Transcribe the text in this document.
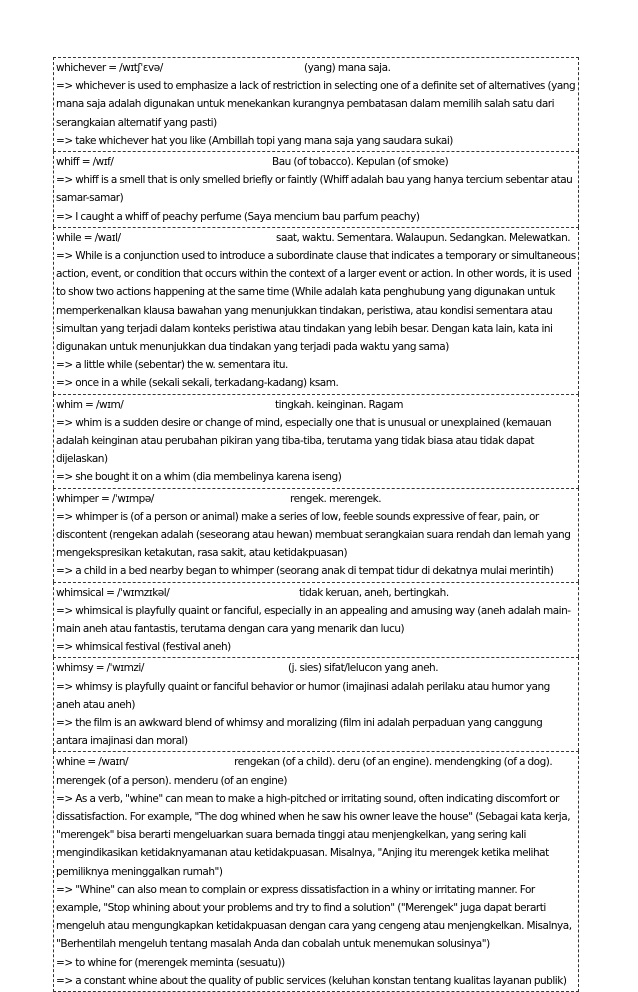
whichever = /wɪtʃˈɛvə/	(yang) mana saja.

=> whichever is used to emphasize a lack of restriction in selecting one of a definite set of alternatives (yang mana saja adalah digunakan untuk menekankan kurangnya pembatasan dalam memilih salah satu dari serangkaian alternatif yang pasti)

=> take whichever hat you like (Ambillah topi yang mana saja yang saudara sukai)

whiff = /wɪf/	Bau (of tobacco). Kepulan (of smoke)

=> whiff is a smell that is only smelled briefly or faintly (Whiff adalah bau yang hanya tercium sebentar atau samar-samar)

=> I caught a whiff of peachy perfume (Saya mencium bau parfum peachy)

while = /waɪl/	saat, waktu. Sementara. Walaupun. Sedangkan. Melewatkan.

=> While is a conjunction used to introduce a subordinate clause that indicates a temporary or simultaneous action, event, or condition that occurs within the context of a larger event or action. In other words, it is used to show two actions happening at the same time (While adalah kata penghubung yang digunakan untuk memperkenalkan klausa bawahan yang menunjukkan tindakan, peristiwa, atau kondisi sementara atau simultan yang terjadi dalam konteks peristiwa atau tindakan yang lebih besar. Dengan kata lain, kata ini digunakan untuk menunjukkan dua tindakan yang terjadi pada waktu yang sama)

=> a little while (sebentar) the w. sementara itu.

=> once in a while (sekali sekali, terkadang-kadang) ksam.

whim = /wɪm/	tingkah. keinginan. Ragam

=> whim is a sudden desire or change of mind, especially one that is unusual or unexplained (kemauan adalah keinginan atau perubahan pikiran yang tiba-tiba, terutama yang tidak biasa atau tidak dapat dijelaskan)

=> she bought it on a whim (dia membelinya karena iseng)

whimper = /ˈwɪmpə/	rengek. merengek.

=> whimper is (of a person or animal) make a series of low, feeble sounds expressive of fear, pain, or discontent (rengekan adalah (seseorang atau hewan) membuat serangkaian suara rendah dan lemah yang mengekspresikan ketakutan, rasa sakit, atau ketidakpuasan)

=> a child in a bed nearby began to whimper (seorang anak di tempat tidur di dekatnya mulai merintih)

whimsical = /ˈwɪmzɪkəl/	tidak keruan, aneh, bertingkah.

=> whimsical is playfully quaint or fanciful, especially in an appealing and amusing way (aneh adalah main-main aneh atau fantastis, terutama dengan cara yang menarik dan lucu)

=> whimsical festival (festival aneh)

whimsy = /ˈwɪmzi/	(j. sies) sifat/lelucon yang aneh.

=> whimsy is playfully quaint or fanciful behavior or humor (imajinasi adalah perilaku atau humor yang aneh atau aneh)

=> the film is an awkward blend of whimsy and moralizing (film ini adalah perpaduan yang canggung antara imajinasi dan moral)

whine = /waɪn/	rengekan (of a child). deru (of an engine). mendengking (of a dog). merengek (of a person). menderu (of an engine)

=> As a verb, "whine" can mean to make a high-pitched or irritating sound, often indicating discomfort or dissatisfaction. For example, "The dog whined when he saw his owner leave the house" (Sebagai kata kerja, "merengek" bisa berarti mengeluarkan suara bernada tinggi atau menjengkelkan, yang sering kali mengindikasikan ketidaknyamanan atau ketidakpuasan. Misalnya, "Anjing itu merengek ketika melihat pemiliknya meninggalkan rumah")

=> "Whine" can also mean to complain or express dissatisfaction in a whiny or irritating manner. For example, "Stop whining about your problems and try to find a solution" ("Merengek" juga dapat berarti mengeluh atau mengungkapkan ketidakpuasan dengan cara yang cengeng atau menjengkelkan. Misalnya, "Berhentilah mengeluh tentang masalah Anda dan cobalah untuk menemukan solusinya")

=> to whine for (merengek meminta (sesuatu))

=> a constant whine about the quality of public services (keluhan konstan tentang kualitas layanan publik)
